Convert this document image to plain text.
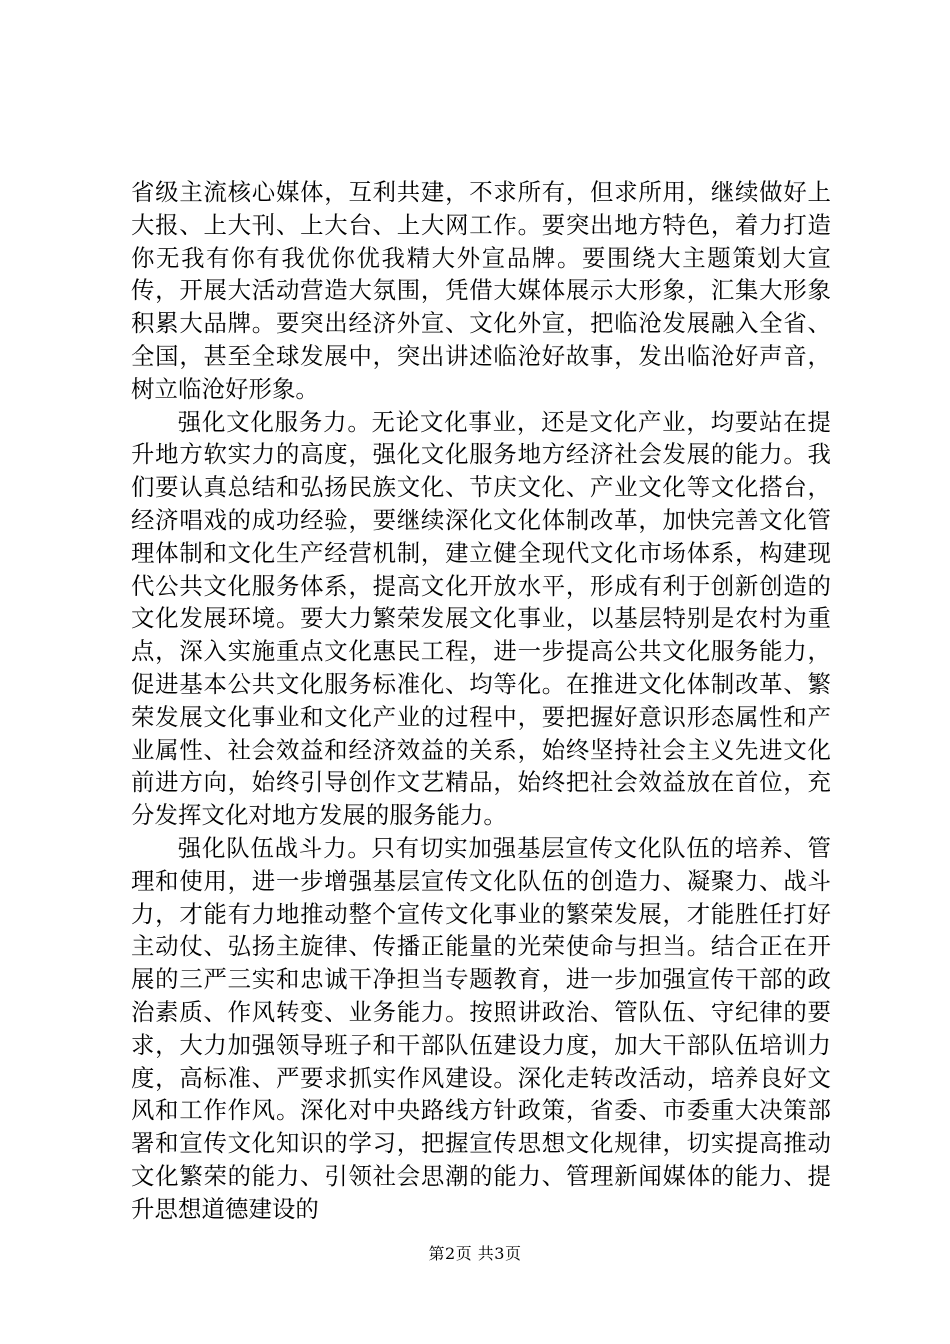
省级主流核心媒体，互利共建，不求所有，但求所用，继续做好上大报、上大刊、上大台、上大网工作。要突出地方特色，着力打造你无我有你有我优你优我精大外宣品牌。要围绕大主题策划大宣传，开展大活动营造大氛围，凭借大媒体展示大形象，汇集大形象积累大品牌。要突出经济外宣、文化外宣，把临沧发展融入全省、全国，甚至全球发展中，突出讲述临沧好故事，发出临沧好声音，树立临沧好形象。

强化文化服务力。无论文化事业，还是文化产业，均要站在提升地方软实力的高度，强化文化服务地方经济社会发展的能力。我们要认真总结和弘扬民族文化、节庆文化、产业文化等文化搭台，经济唱戏的成功经验，要继续深化文化体制改革，加快完善文化管理体制和文化生产经营机制，建立健全现代文化市场体系，构建现代公共文化服务体系，提高文化开放水平，形成有利于创新创造的文化发展环境。要大力繁荣发展文化事业，以基层特别是农村为重点，深入实施重点文化惠民工程，进一步提高公共文化服务能力，促进基本公共文化服务标准化、均等化。在推进文化体制改革、繁荣发展文化事业和文化产业的过程中，要把握好意识形态属性和产业属性、社会效益和经济效益的关系，始终坚持社会主义先进文化前进方向，始终引导创作文艺精品，始终把社会效益放在首位，充分发挥文化对地方发展的服务能力。

强化队伍战斗力。只有切实加强基层宣传文化队伍的培养、管理和使用，进一步增强基层宣传文化队伍的创造力、凝聚力、战斗力，才能有力地推动整个宣传文化事业的繁荣发展，才能胜任打好主动仗、弘扬主旋律、传播正能量的光荣使命与担当。结合正在开展的三严三实和忠诚干净担当专题教育，进一步加强宣传干部的政治素质、作风转变、业务能力。按照讲政治、管队伍、守纪律的要求，大力加强领导班子和干部队伍建设力度，加大干部队伍培训力度，高标准、严要求抓实作风建设。深化走转改活动，培养良好文风和工作作风。深化对中央路线方针政策，省委、市委重大决策部署和宣传文化知识的学习，把握宣传思想文化规律，切实提高推动文化繁荣的能力、引领社会思潮的能力、管理新闻媒体的能力、提升思想道德建设的

第2页 共3页
